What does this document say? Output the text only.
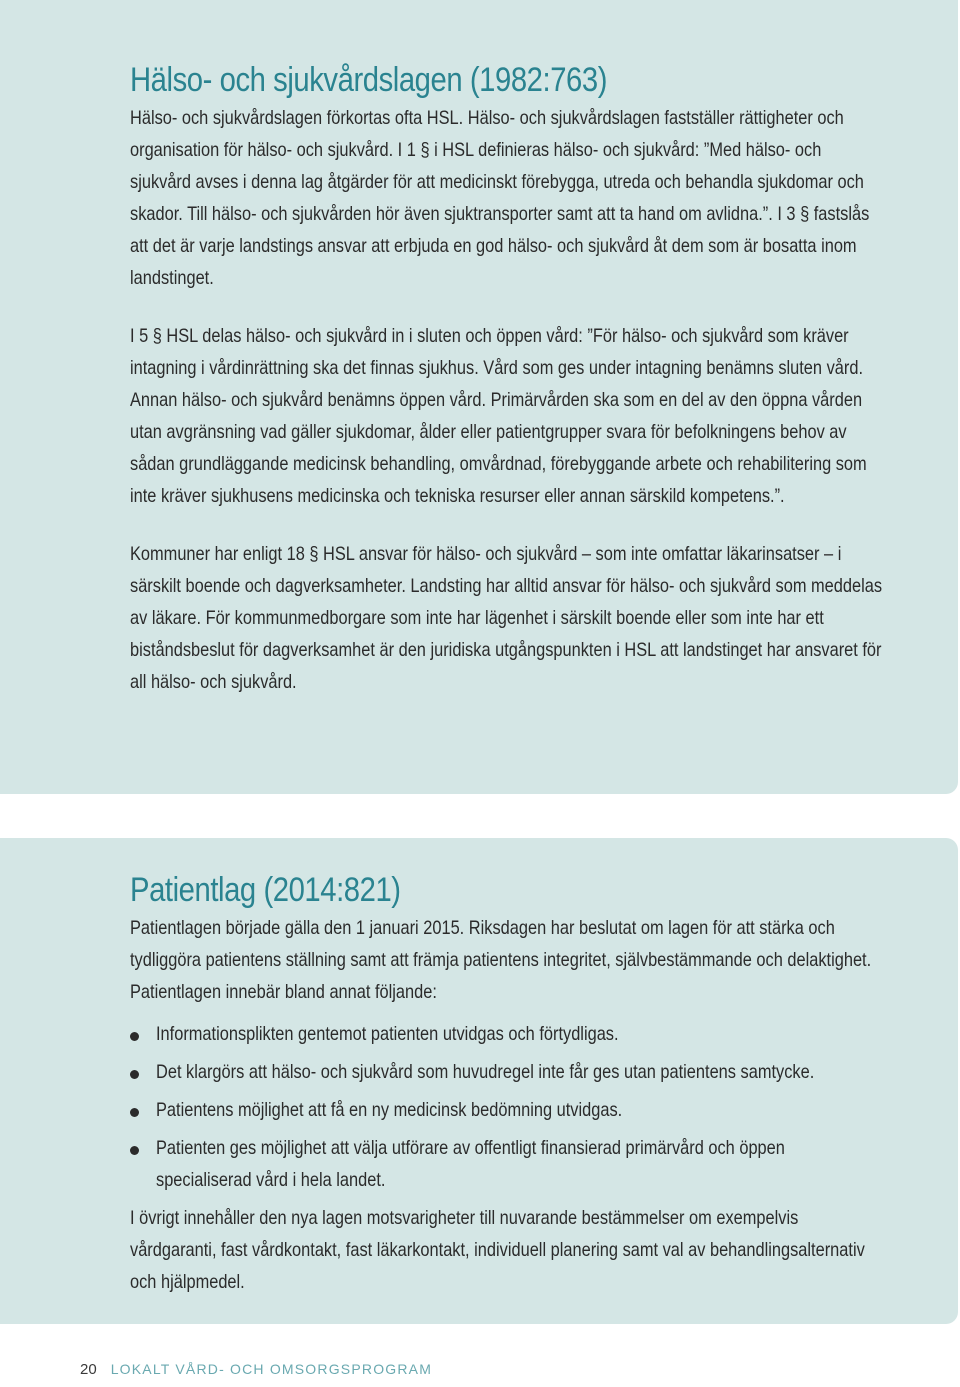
Hälso- och sjukvårdslagen (1982:763)

Hälso- och sjukvårdslagen förkortas ofta HSL. Hälso- och sjukvårdslagen fastställer rättigheter och organisation för hälso- och sjukvård. I 1 § i HSL definieras hälso- och sjukvård: ”Med hälso- och sjukvård avses i denna lag åtgärder för att medicinskt förebygga, utreda och behandla sjukdomar och skador. Till hälso- och sjukvården hör även sjuktransporter samt att ta hand om avlidna.”. I 3 § fastslås att det är varje landstings ansvar att erbjuda en god hälso- och sjukvård åt dem som är bosatta inom landstinget.

I 5 § HSL delas hälso- och sjukvård in i sluten och öppen vård: ”För hälso- och sjukvård som kräver intagning i vårdinrättning ska det finnas sjukhus. Vård som ges under intagning benämns sluten vård. Annan hälso- och sjukvård benämns öppen vård. Primärvården ska som en del av den öppna vården utan avgränsning vad gäller sjukdomar, ålder eller patientgrupper svara för befolkningens behov av sådan grundläggande medicinsk behandling, omvårdnad, förebyggande arbete och rehabilitering som inte kräver sjukhusens medicinska och tekniska resurser eller annan särskild kompetens.”.

Kommuner har enligt 18 § HSL ansvar för hälso- och sjukvård – som inte omfattar läkarinsatser – i särskilt boende och dagverksamheter. Landsting har alltid ansvar för hälso- och sjukvård som meddelas av läkare. För kommunmedborgare som inte har lägenhet i särskilt boende eller som inte har ett biståndsbeslut för dagverksamhet är den juridiska utgångspunkten i HSL att landstinget har ansvaret för all hälso- och sjukvård.

Patientlag (2014:821)

Patientlagen började gälla den 1 januari 2015. Riksdagen har beslutat om lagen för att stärka och tydliggöra patientens ställning samt att främja patientens integritet, självbestämmande och delaktighet. Patientlagen innebär bland annat följande:

Informationsplikten gentemot patienten utvidgas och förtydligas.

Det klargörs att hälso- och sjukvård som huvudregel inte får ges utan patientens samtycke.

Patientens möjlighet att få en ny medicinsk bedömning utvidgas.

Patienten ges möjlighet att välja utförare av offentligt finansierad primärvård och öppen specialiserad vård i hela landet.

I övrigt innehåller den nya lagen motsvarigheter till nuvarande bestämmelser om exempelvis vårdgaranti, fast vårdkontakt, fast läkarkontakt, individuell planering samt val av behandlingsalternativ och hjälpmedel.

20 LOKALT VÅRD- OCH OMSORGSPROGRAM
